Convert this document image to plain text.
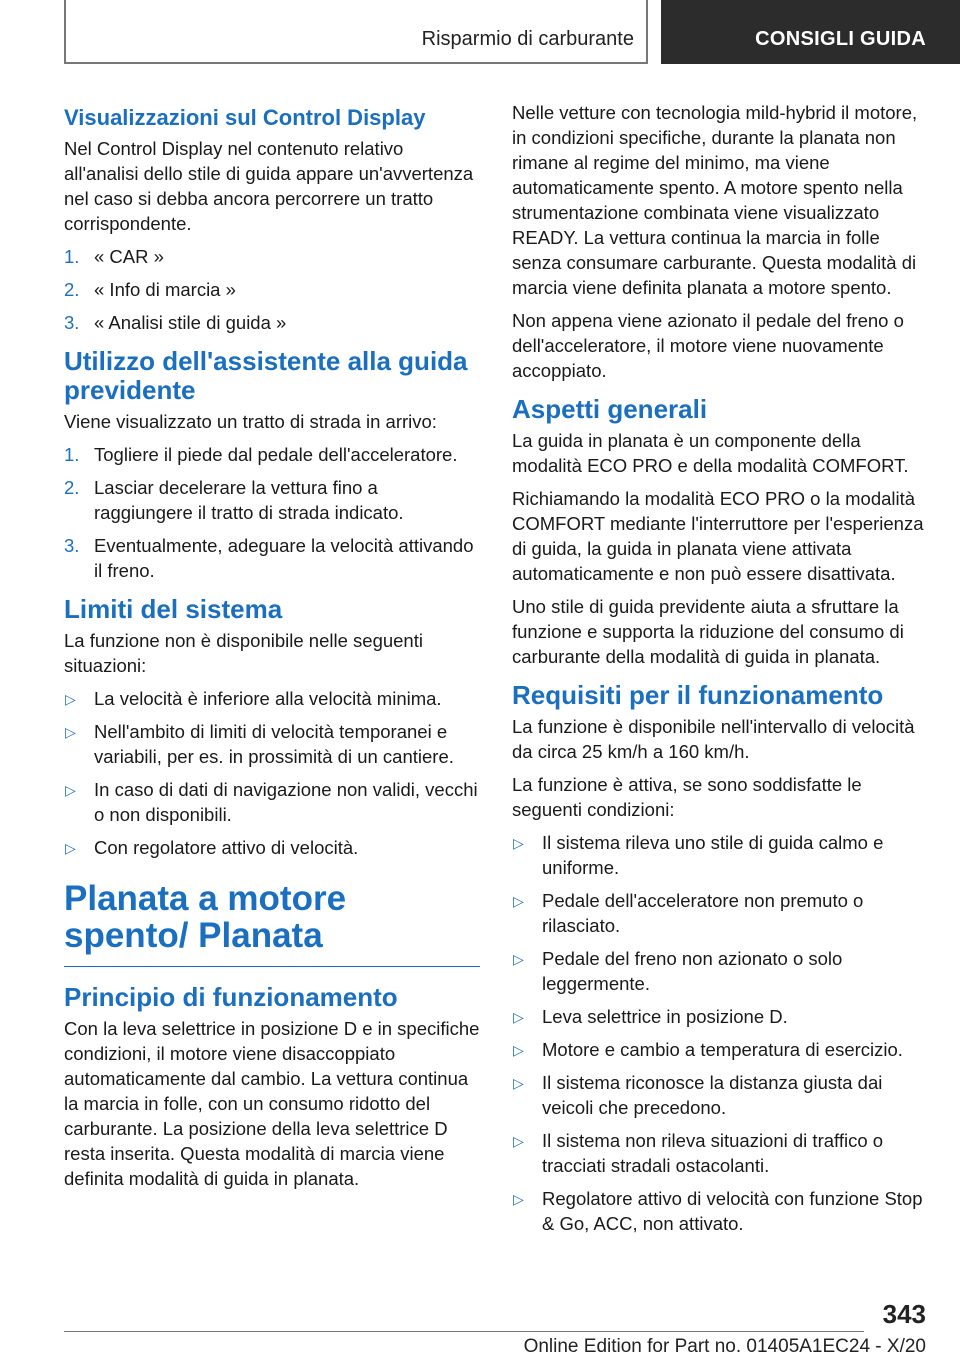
Risparmio di carburante	CONSIGLI GUIDA
Visualizzazioni sul Control Display

Nel Control Display nel contenuto relativo all'analisi dello stile di guida appare un'avvertenza nel caso si debba ancora percorrere un tratto corrispondente.

1. « CAR »
2. « Info di marcia »
3. « Analisi stile di guida »
Utilizzo dell'assistente alla guida previdente

Viene visualizzato un tratto di strada in arrivo:

1. Togliere il piede dal pedale dell'acceleratore.
2. Lasciar decelerare la vettura fino a raggiungere il tratto di strada indicato.
3. Eventualmente, adeguare la velocità attivando il freno.
Limiti del sistema

La funzione non è disponibile nelle seguenti situazioni:

▷ La velocità è inferiore alla velocità minima.
▷ Nell'ambito di limiti di velocità temporanei e variabili, per es. in prossimità di un cantiere.
▷ In caso di dati di navigazione non validi, vecchi o non disponibili.
▷ Con regolatore attivo di velocità.
Planata a motore spento/ Planata
Principio di funzionamento

Con la leva selettrice in posizione D e in specifiche condizioni, il motore viene disaccoppiato automaticamente dal cambio. La vettura continua la marcia in folle, con un consumo ridotto del carburante. La posizione della leva selettrice D resta inserita. Questa modalità di marcia viene definita modalità di guida in planata.

Nelle vetture con tecnologia mild-hybrid il motore, in condizioni specifiche, durante la planata non rimane al regime del minimo, ma viene automaticamente spento. A motore spento nella strumentazione combinata viene visualizzato READY. La vettura continua la marcia in folle senza consumare carburante. Questa modalità di marcia viene definita planata a motore spento.

Non appena viene azionato il pedale del freno o dell'acceleratore, il motore viene nuovamente accoppiato.

Aspetti generali

La guida in planata è un componente della modalità ECO PRO e della modalità COMFORT.

Richiamando la modalità ECO PRO o la modalità COMFORT mediante l'interruttore per l'esperienza di guida, la guida in planata viene attivata automaticamente e non può essere disattivata.

Uno stile di guida previdente aiuta a sfruttare la funzione e supporta la riduzione del consumo di carburante della modalità di guida in planata.

Requisiti per il funzionamento

La funzione è disponibile nell'intervallo di velocità da circa 25 km/h a 160 km/h.

La funzione è attiva, se sono soddisfatte le seguenti condizioni:

▷ Il sistema rileva uno stile di guida calmo e uniforme.
▷ Pedale dell'acceleratore non premuto o rilasciato.
▷ Pedale del freno non azionato o solo leggermente.
▷ Leva selettrice in posizione D.
▷ Motore e cambio a temperatura di esercizio.
▷ Il sistema riconosce la distanza giusta dai veicoli che precedono.
▷ Il sistema non rileva situazioni di traffico o tracciati stradali ostacolanti.
▷ Regolatore attivo di velocità con funzione Stop & Go, ACC, non attivato.
343
Online Edition for Part no. 01405A1EC24 - X/20
